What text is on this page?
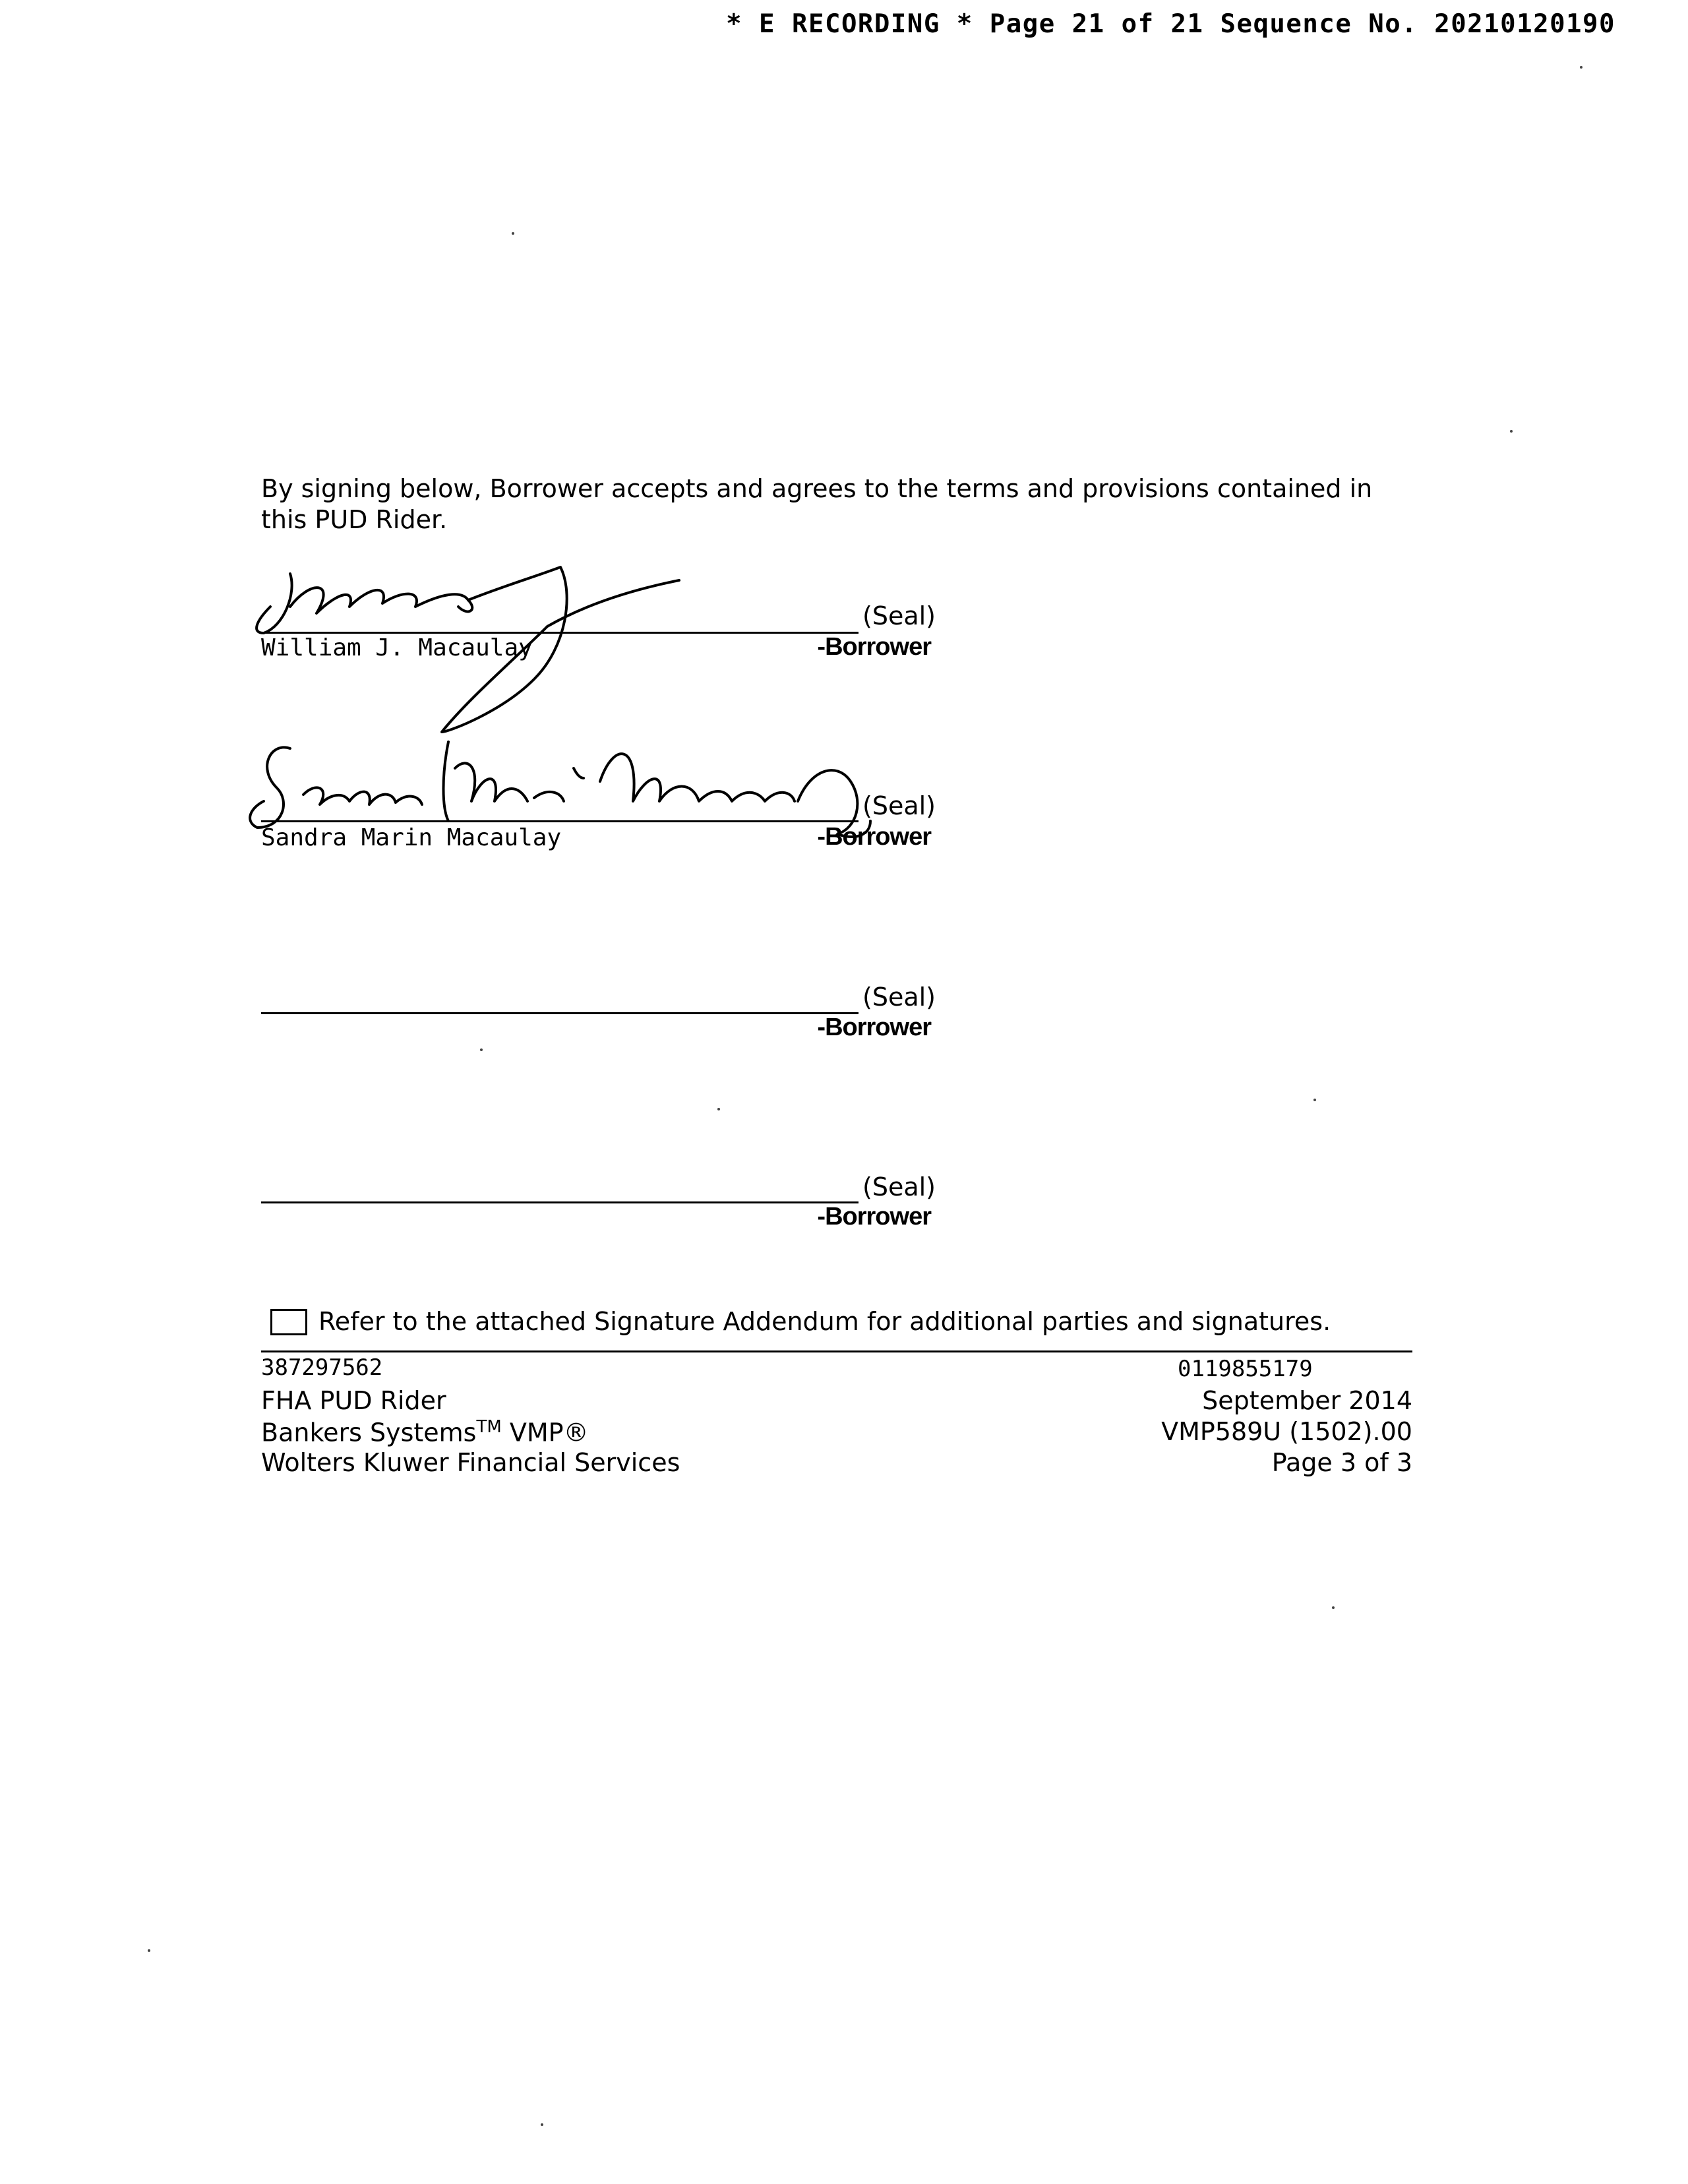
* E RECORDING * Page 21 of 21 Sequence No. 20210120190
By signing below, Borrower accepts and agrees to the terms and provisions contained in this PUD Rider.
(Seal)
-Borrower
William J. Macaulay
(Seal)
-Borrower
Sandra Marin Macaulay
(Seal)
-Borrower
(Seal)
-Borrower
Refer to the attached Signature Addendum for additional parties and signatures.
387297562	0119855179
FHA PUD Rider
Bankers Systems™ VMP®
Wolters Kluwer Financial Services
September 2014
VMP589U (1502).00
Page 3 of 3
